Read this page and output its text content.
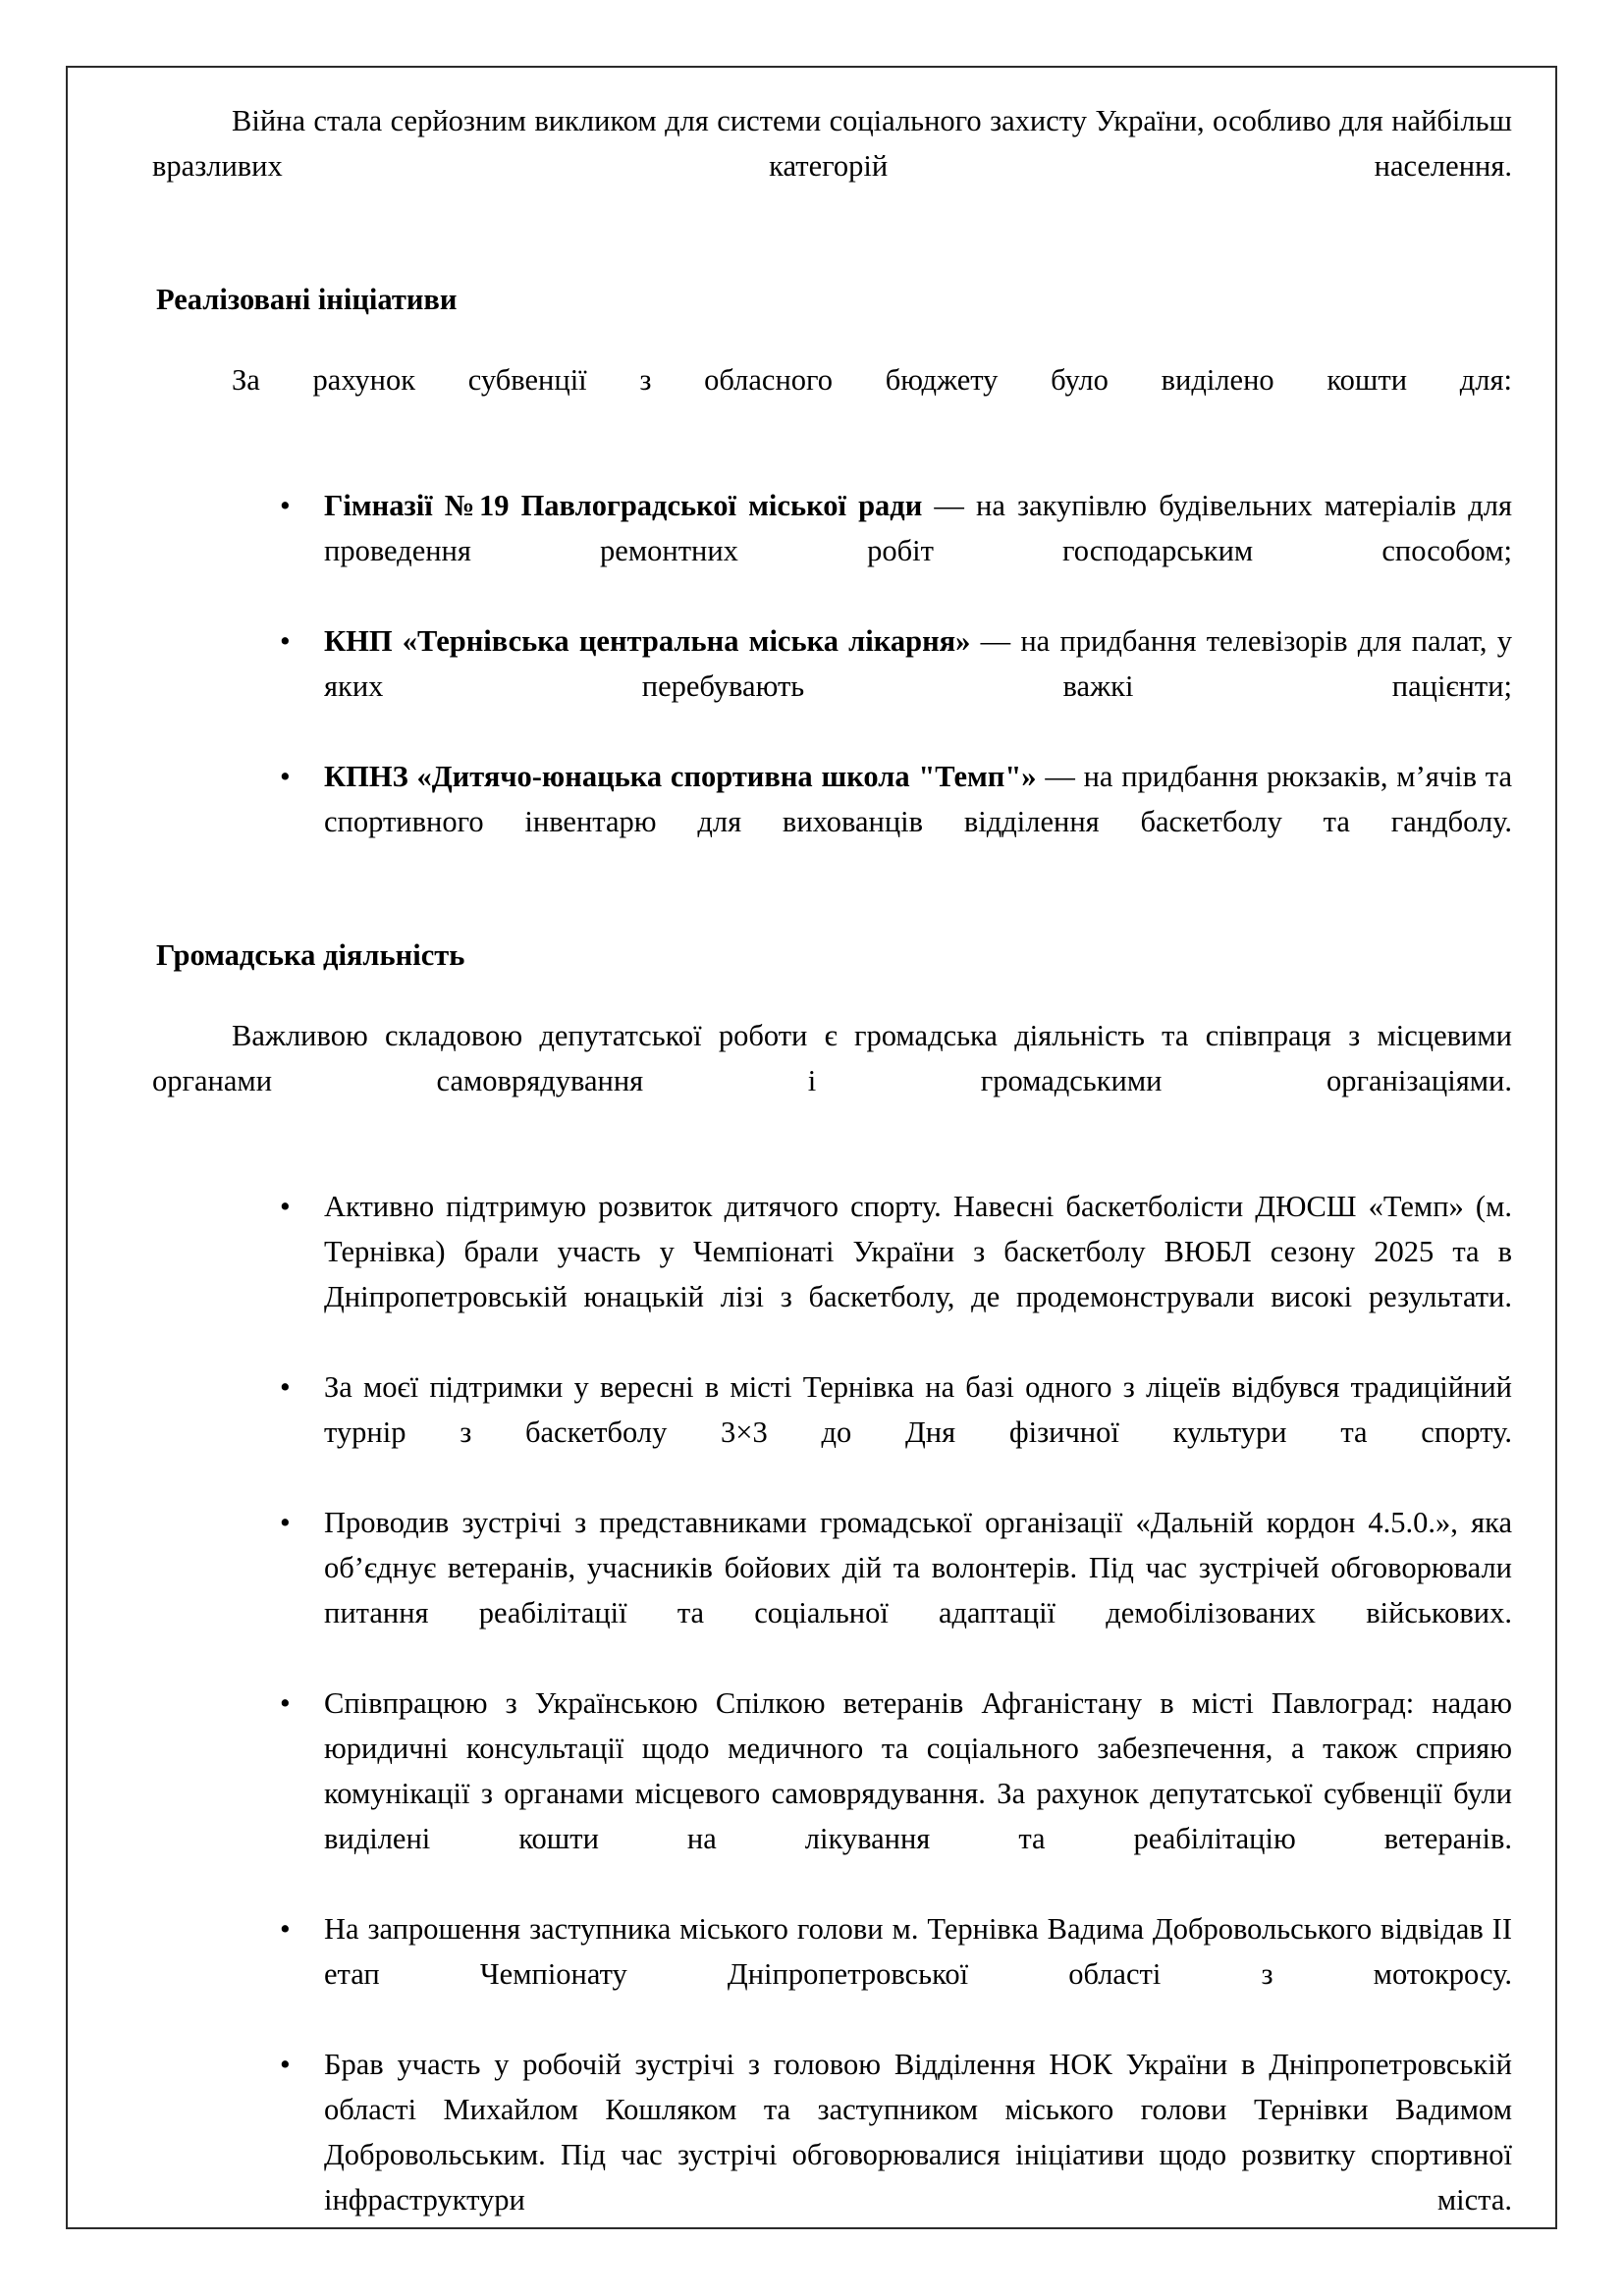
Війна стала серйозним викликом для системи соціального захисту України, особливо для найбільш вразливих категорій населення.

Реалізовані ініціативи

За рахунок субвенції з обласного бюджету було виділено кошти для:

•	Гімназії №19 Павлоградської міської ради — на закупівлю будівельних матеріалів для проведення ремонтних робіт господарським способом;
•	КНП «Тернівська центральна міська лікарня» — на придбання телевізорів для палат, у яких перебувають важкі пацієнти;
•	КПНЗ «Дитячо-юнацька спортивна школа "Темп"» — на придбання рюкзаків, м’ячів та спортивного інвентарю для вихованців відділення баскетболу та гандболу.
Громадська діяльність

Важливою складовою депутатської роботи є громадська діяльність та співпраця з місцевими органами самоврядування і громадськими організаціями.

•	Активно підтримую розвиток дитячого спорту. Навесні баскетболісти ДЮСШ «Темп» (м. Тернівка) брали участь у Чемпіонаті України з баскетболу ВЮБЛ сезону 2025 та в Дніпропетровській юнацькій лізі з баскетболу, де продемонстрували високі результати.
•	За моєї підтримки у вересні в місті Тернівка на базі одного з ліцеїв відбувся традиційний турнір з баскетболу 3×3 до Дня фізичної культури та спорту.
•	Проводив зустрічі з представниками громадської організації «Дальній кордон 4.5.0.», яка об’єднує ветеранів, учасників бойових дій та волонтерів. Під час зустрічей обговорювали питання реабілітації та соціальної адаптації демобілізованих військових.
•	Співпрацюю з Українською Спілкою ветеранів Афганістану в місті Павлоград: надаю юридичні консультації щодо медичного та соціального забезпечення, а також сприяю комунікації з органами місцевого самоврядування. За рахунок депутатської субвенції були виділені кошти на лікування та реабілітацію ветеранів.
•	На запрошення заступника міського голови м. Тернівка Вадима Добровольського відвідав ІІ етап Чемпіонату Дніпропетровської області з мотокросу.
•	Брав участь у робочій зустрічі з головою Відділення НОК України в Дніпропетровській області Михайлом Кошляком та заступником міського голови Тернівки Вадимом Добровольським. Під час зустрічі обговорювалися ініціативи щодо розвитку спортивної інфраструктури міста.
